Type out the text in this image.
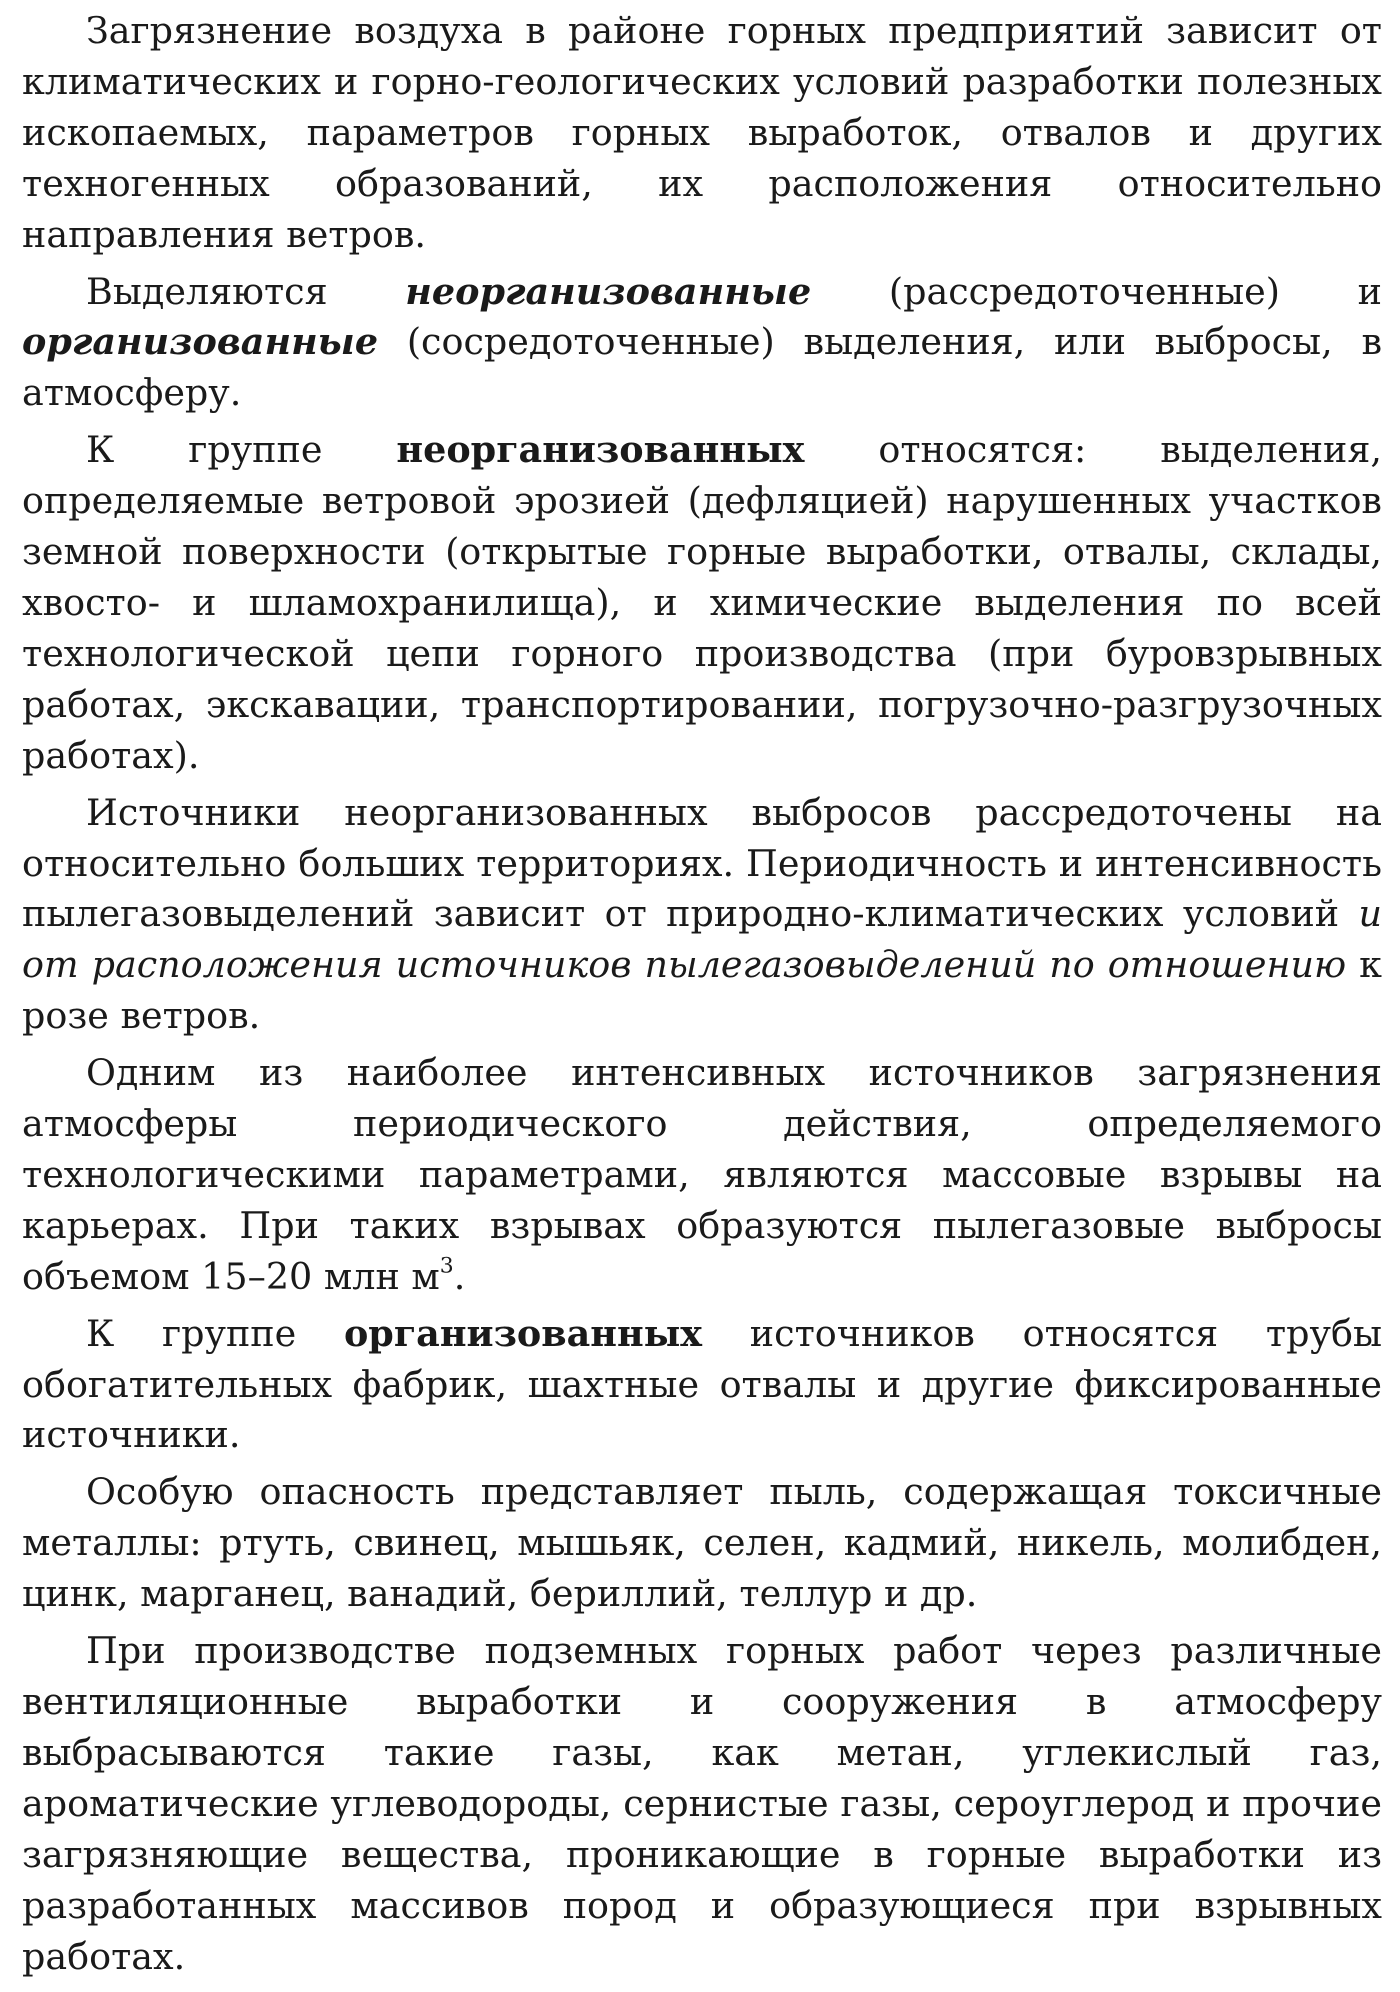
Загрязнение воздуха в районе горных предприятий зависит от климатических и горно-геологических условий разработки полезных ископаемых, параметров горных выработок, отвалов и других техногенных образований, их расположения относительно направления ветров.

Выделяются неорганизованные (рассредоточенные) и организованные (сосредоточенные) выделения, или выбросы, в атмосферу.

К группе неорганизованных относятся: выделения, определяемые ветровой эрозией (дефляцией) нарушенных участков земной поверхности (открытые горные выработки, отвалы, склады, хвосто- и шламохранилища), и химические выделения по всей технологической цепи горного производства (при буровзрывных работах, экскавации, транспортировании, погрузочно-разгрузочных работах).

Источники неорганизованных выбросов рассредоточены на относительно больших территориях. Периодичность и интенсивность пылегазовыделений зависит от природно-климатических условий и от расположения источников пылегазовыделений по отношению к розе ветров.

Одним из наиболее интенсивных источников загрязнения атмосферы периодического действия, определяемого технологическими параметрами, являются массовые взрывы на карьерах. При таких взрывах образуются пылегазовые выбросы объемом 15–20 млн $м^3$.

К группе организованных источников относятся трубы обогатительных фабрик, шахтные отвалы и другие фиксированные источники.

Особую опасность представляет пыль, содержащая токсичные металлы: ртуть, свинец, мышьяк, селен, кадмий, никель, молибден, цинк, марганец, ванадий, бериллий, теллур и др.

При производстве подземных горных работ через различные вентиляционные выработки и сооружения в атмосферу выбрасываются такие газы, как метан, углекислый газ, ароматические углеводороды, сернистые газы, сероуглерод и прочие загрязняющие вещества, проникающие в горные выработки из разработанных массивов пород и образующиеся при взрывных работах.
